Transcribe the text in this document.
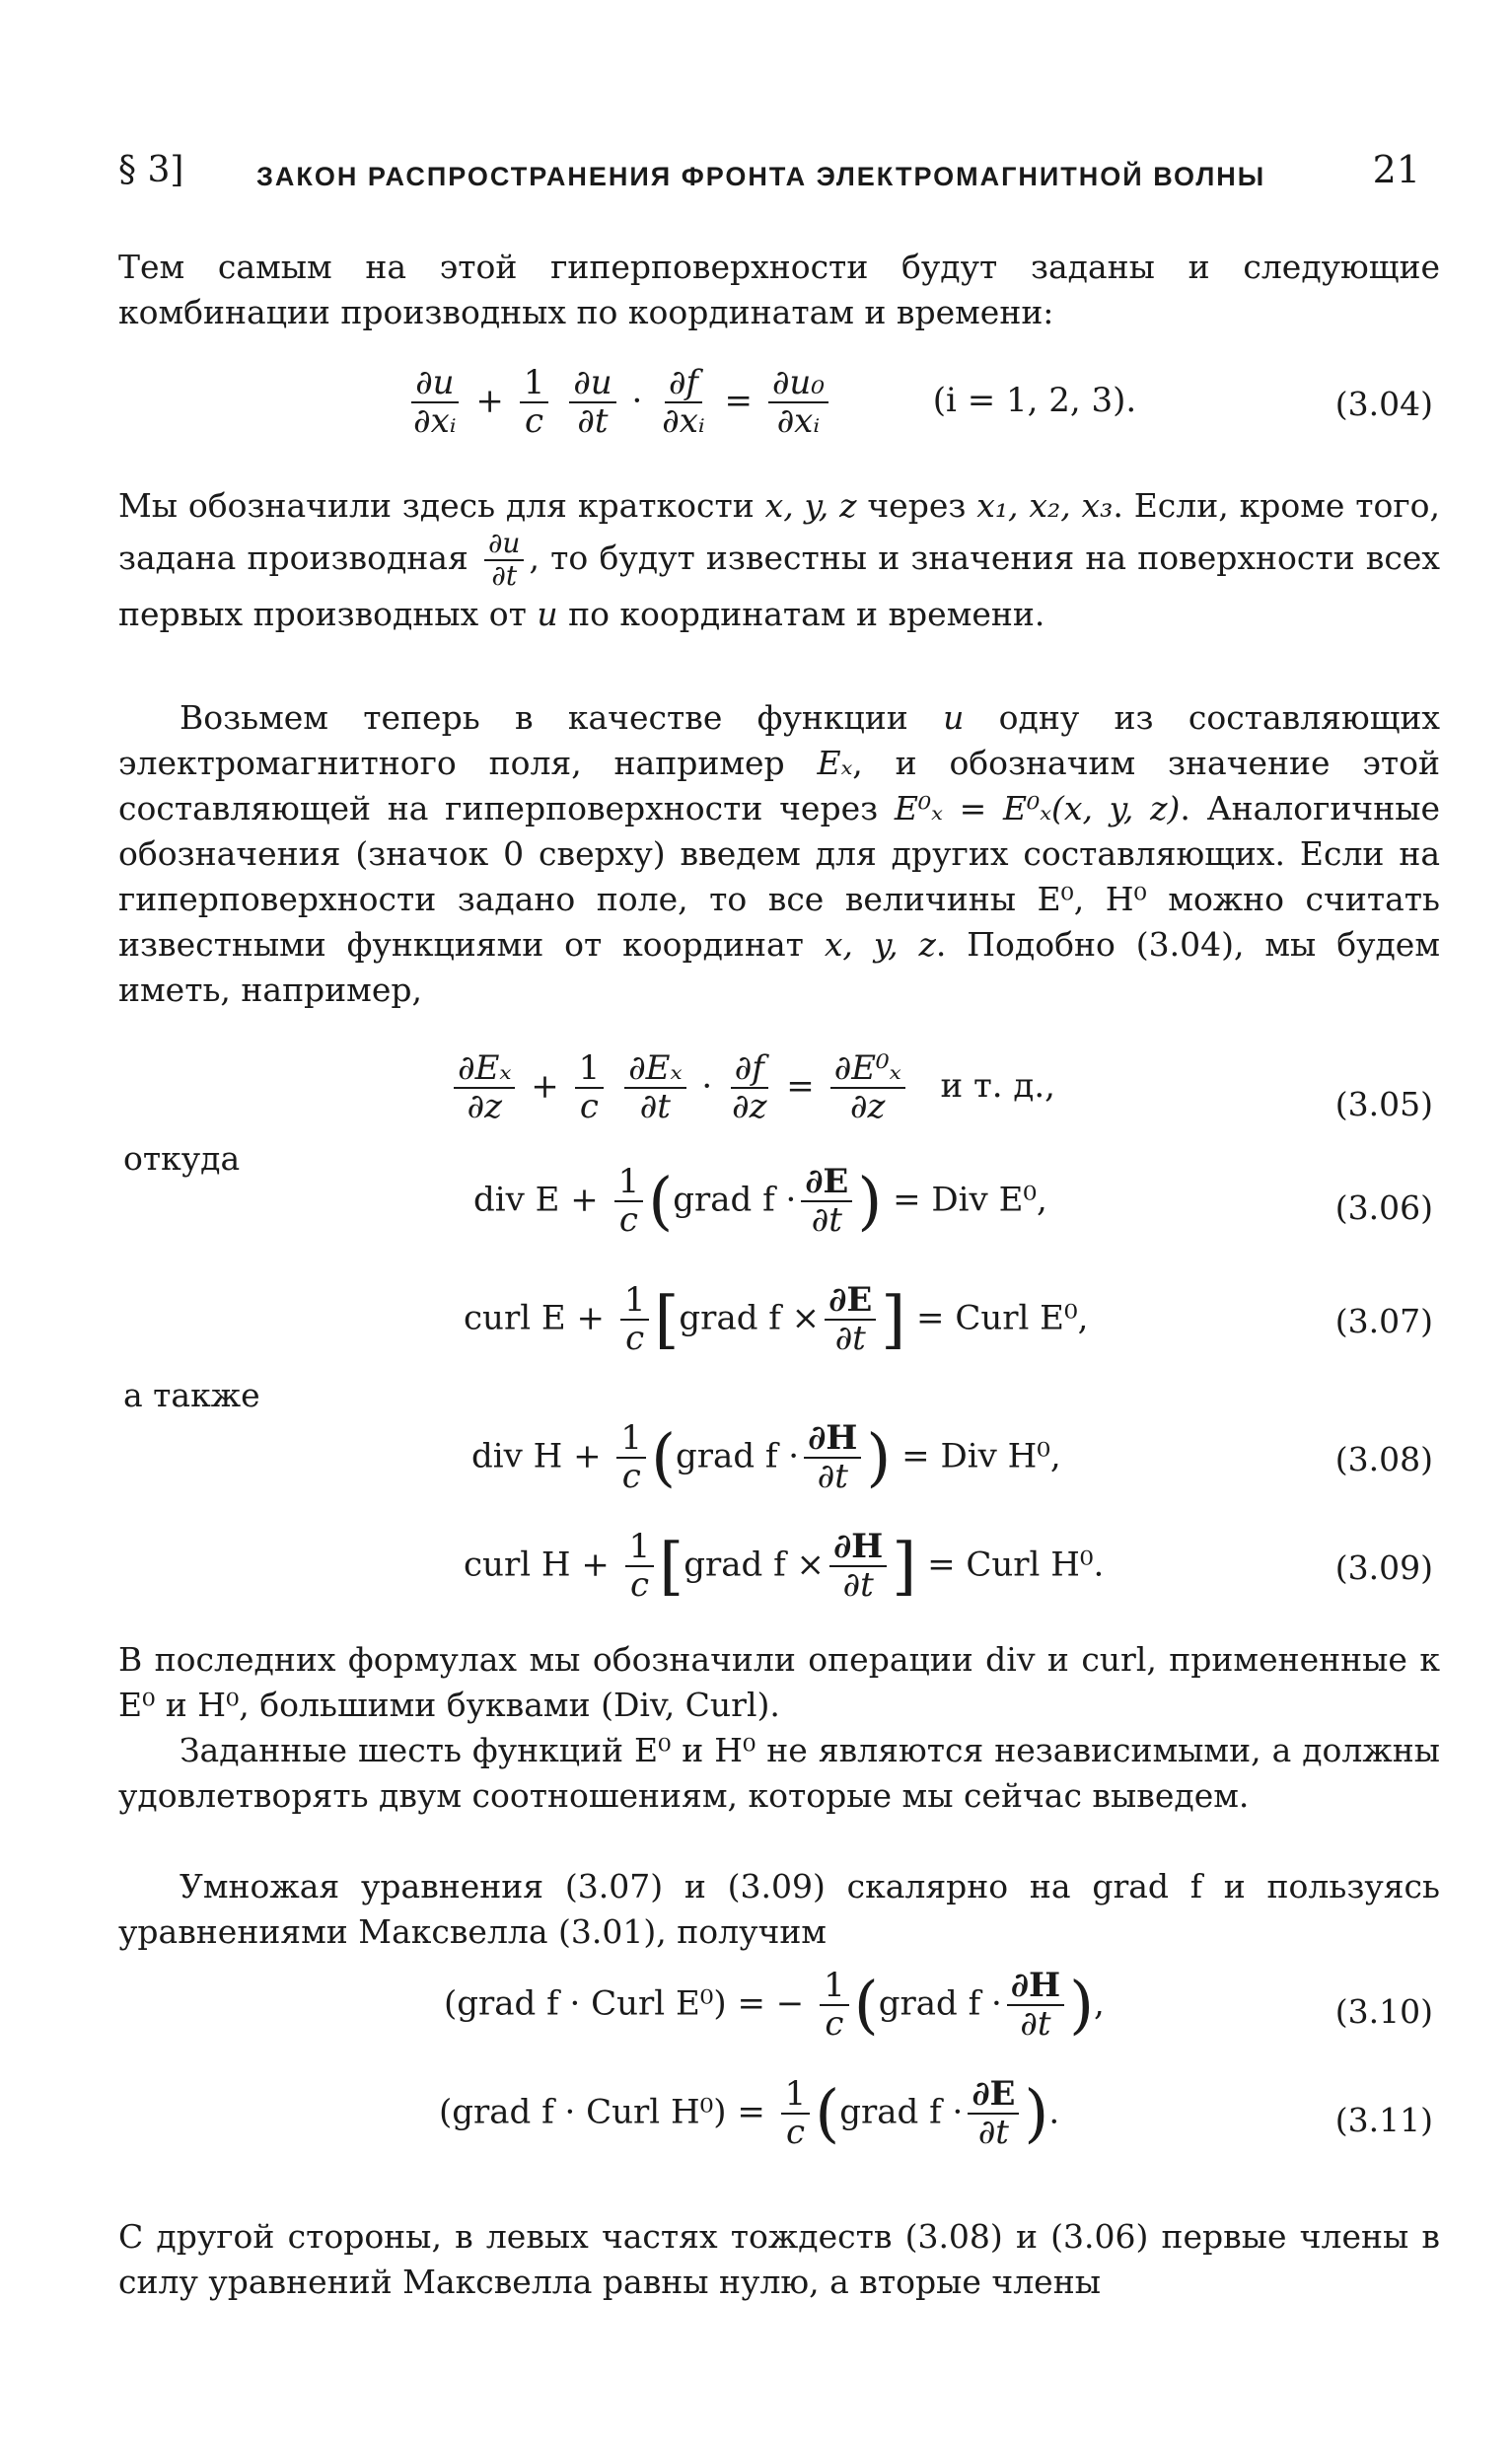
§ 3]	ЗАКОН РАСПРОСТРАНЕНИЯ ФРОНТА ЭЛЕКТРОМАГНИТНОЙ ВОЛНЫ	21
Тем самым на этой гиперповерхности будут заданы и следующие комбинации производных по координатам и времени:
$\frac{\partial u}{\text{∂xᵢ}} + \frac{1}{c}$
$\frac{\partial u}{\partial t} \cdot \frac{\partial f}{\text{∂xᵢ}} = \frac{\text{∂u₀}}{\text{∂xᵢ}}$	(i = 1, 2, 3).	(3.04)
Мы обозначили здесь для краткости x, y, z через x₁, x₂, x₃. Если, кроме того, задана производная $\frac{\partial u}{\partial t}$ , то будут известны и значения на поверхности всех первых производных от u по координатам и времени.
Возьмем теперь в качестве функции u одну из составляющих электромагнитного поля, например Eₓ, и обозначим значение этой составляющей на гиперповерхности через E⁰ₓ = E⁰ₓ(x, y, z). Аналогичные обозначения (значок 0 сверху) введем для других составляющих. Если на гиперповерхности задано поле, то все величины E⁰, H⁰ можно считать известными функциями от координат x, y, z. Подобно (3.04), мы будем иметь, например,
$\frac{\text{∂Eₓ}}{\partial z} + \frac{1}{c}$
$\frac{\text{∂Eₓ}}{\partial t} \cdot \frac{\partial f}{\partial z} = \frac{\text{∂E⁰ₓ}}{\partial z}$ и т. д.,	(3.05)
откуда
div $E + \frac{1}{c}$ (grad $f \cdot \frac{\partial E}{\partial t}$ ) = Div E⁰,	(3.06)
curl $E + \frac{1}{c}$ [grad $f \times \frac{\partial E}{\partial t}$ ] = Curl E⁰,	(3.07)
а также
div $H + \frac{1}{c}$ (grad $f \cdot \frac{\partial H}{\partial t}$ ) = Div H⁰,	(3.08)
curl $H + \frac{1}{c}$ [grad $f \times \frac{\partial H}{\partial t}$ ] = Curl H⁰.	(3.09)
В последних формулах мы обозначили операции div и curl, примененные к E⁰ и H⁰, большими буквами (Div, Curl).
Заданные шесть функций E⁰ и H⁰ не являются независимыми, а должны удовлетворять двум соотношениям, которые мы сейчас выведем.
Умножая уравнения (3.07) и (3.09) скалярно на grad f и пользуясь уравнениями Максвелла (3.01), получим
(grad f · Curl E⁰) = − $\frac{1}{c}$ (grad $f \cdot \frac{\partial H}{\partial t}$ ),	(3.10)
(grad f · Curl $H^0) = \frac{1}{c}$ (grad $f \cdot \frac{\partial E}{\partial t}$ ).	(3.11)
С другой стороны, в левых частях тождеств (3.08) и (3.06) первые члены в силу уравнений Максвелла равны нулю, а вторые члены
